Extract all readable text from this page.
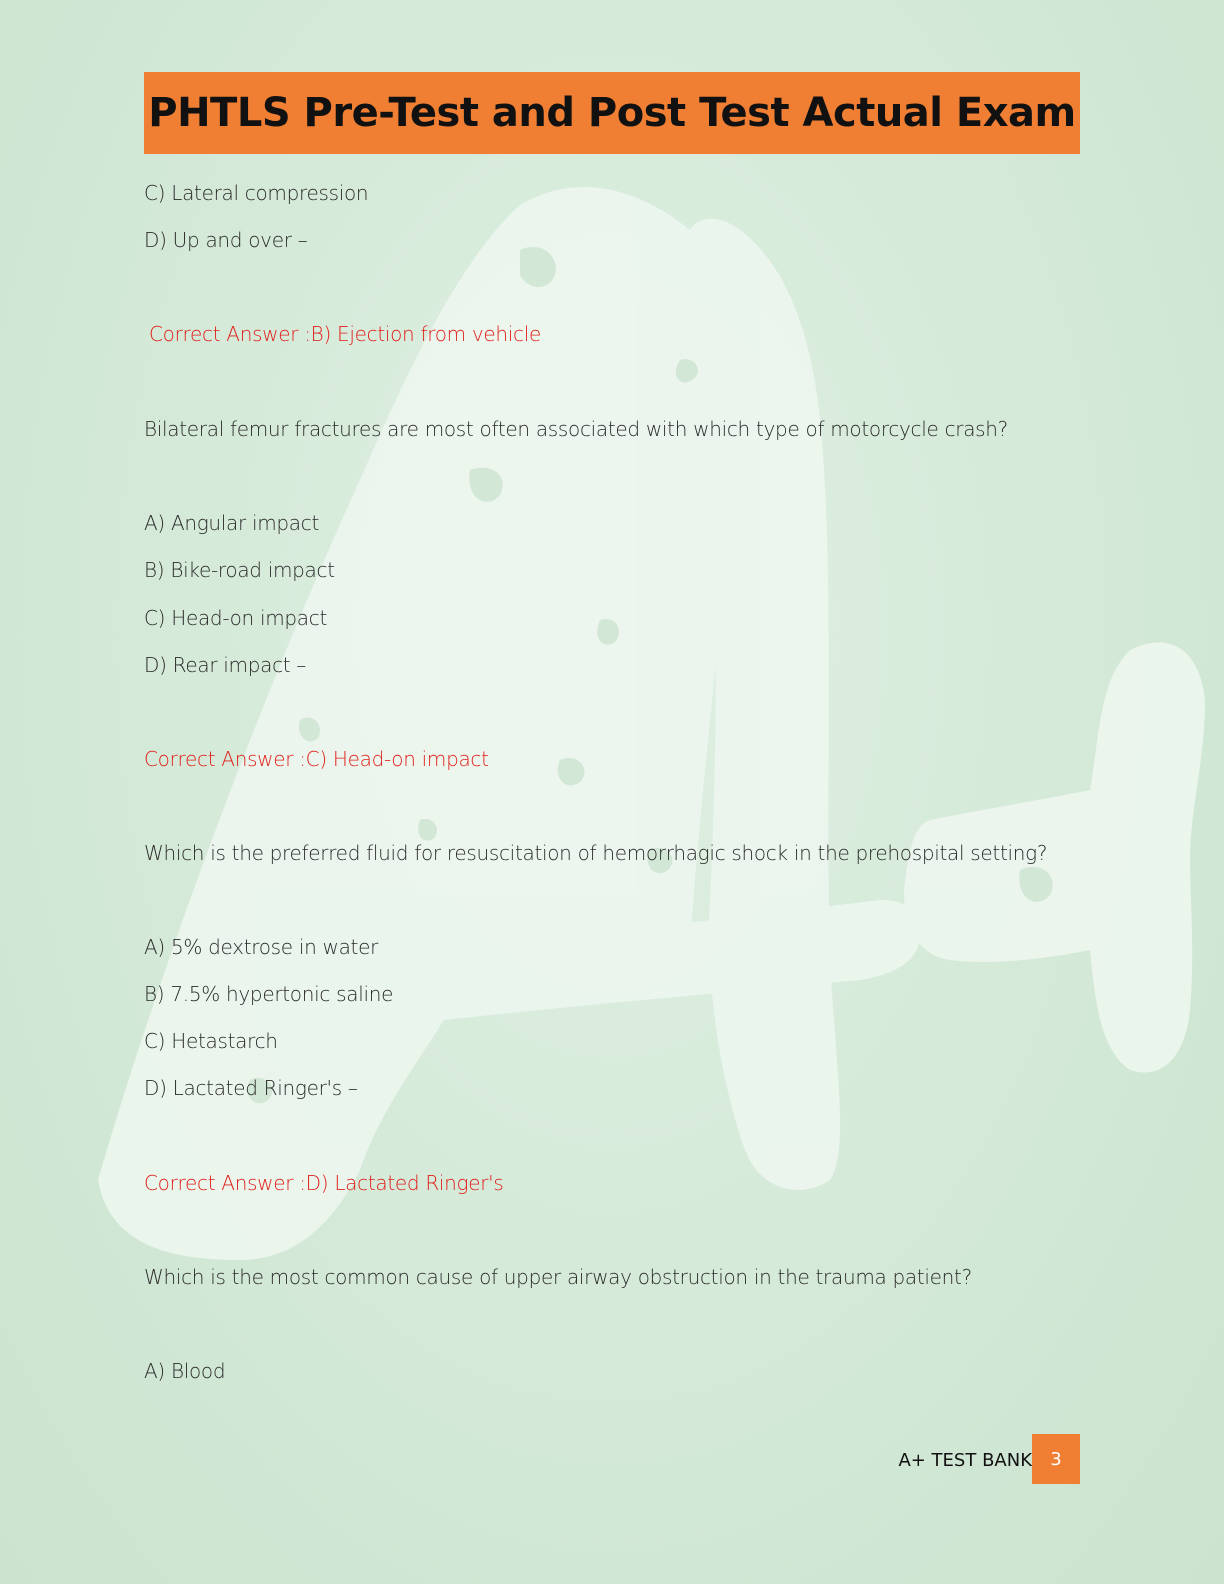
PHTLS Pre-Test and Post Test Actual Exam
C) Lateral compression
D) Up and over –
Correct Answer :B) Ejection from vehicle
Bilateral femur fractures are most often associated with which type of motorcycle crash?
A) Angular impact
B) Bike-road impact
C) Head-on impact
D) Rear impact –
Correct Answer :C) Head-on impact
Which is the preferred fluid for resuscitation of hemorrhagic shock in the prehospital setting?
A) 5% dextrose in water
B) 7.5% hypertonic saline
C) Hetastarch
D) Lactated Ringer's –
Correct Answer :D) Lactated Ringer's
Which is the most common cause of upper airway obstruction in the trauma patient?
A) Blood
A+ TEST BANK 3
